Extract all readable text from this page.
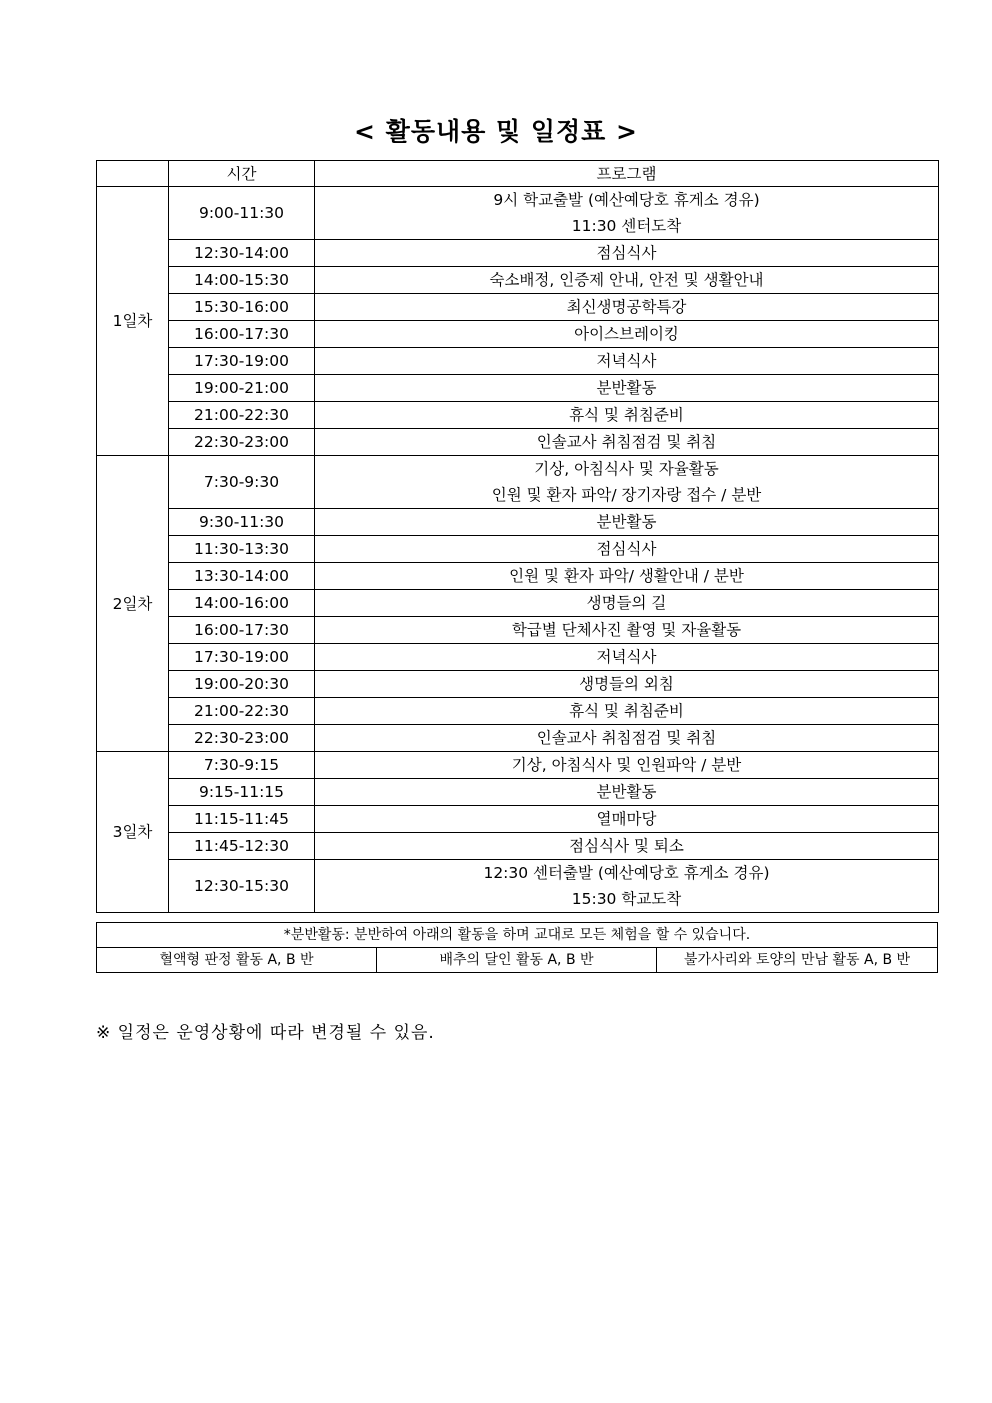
< 활동내용 및 일정표 >
	시간	프로그램
1일차	9:00-11:30	9시 학교출발 (예산예당호 휴게소 경유)
11:30 센터도착

	12:30-14:00	점심식사
	14:00-15:30	숙소배정, 인증제 안내, 안전 및 생활안내
	15:30-16:00	최신생명공학특강
	16:00-17:30	아이스브레이킹
	17:30-19:00	저녁식사
	19:00-21:00	분반활동
	21:00-22:30	휴식 및 취침준비
	22:30-23:00	인솔교사 취침점검 및 취침
2일차	7:30-9:30	기상, 아침식사 및 자율활동
인원 및 환자 파악/ 장기자랑 접수 / 분반

	9:30-11:30	분반활동
	11:30-13:30	점심식사
	13:30-14:00	인원 및 환자 파악/ 생활안내 / 분반
	14:00-16:00	생명들의 길
	16:00-17:30	학급별 단체사진 촬영 및 자율활동
	17:30-19:00	저녁식사
	19:00-20:30	생명들의 외침
	21:00-22:30	휴식 및 취침준비
	22:30-23:00	인솔교사 취침점검 및 취침
3일차	7:30-9:15	기상, 아침식사 및 인원파악 / 분반
	9:15-11:15	분반활동
	11:15-11:45	열매마당
	11:45-12:30	점심식사 및 퇴소
	12:30-15:30	12:30 센터출발 (예산예당호 휴게소 경유)
15:30 학교도착
*분반활동: 분반하여 아래의 활동을 하며 교대로 모든 체험을 할 수 있습니다.
혈액형 판정 활동 A, B 반	배추의 달인 활동 A, B 반	불가사리와 토양의 만남 활동 A, B 반
※ 일정은 운영상황에 따라 변경될 수 있음.
